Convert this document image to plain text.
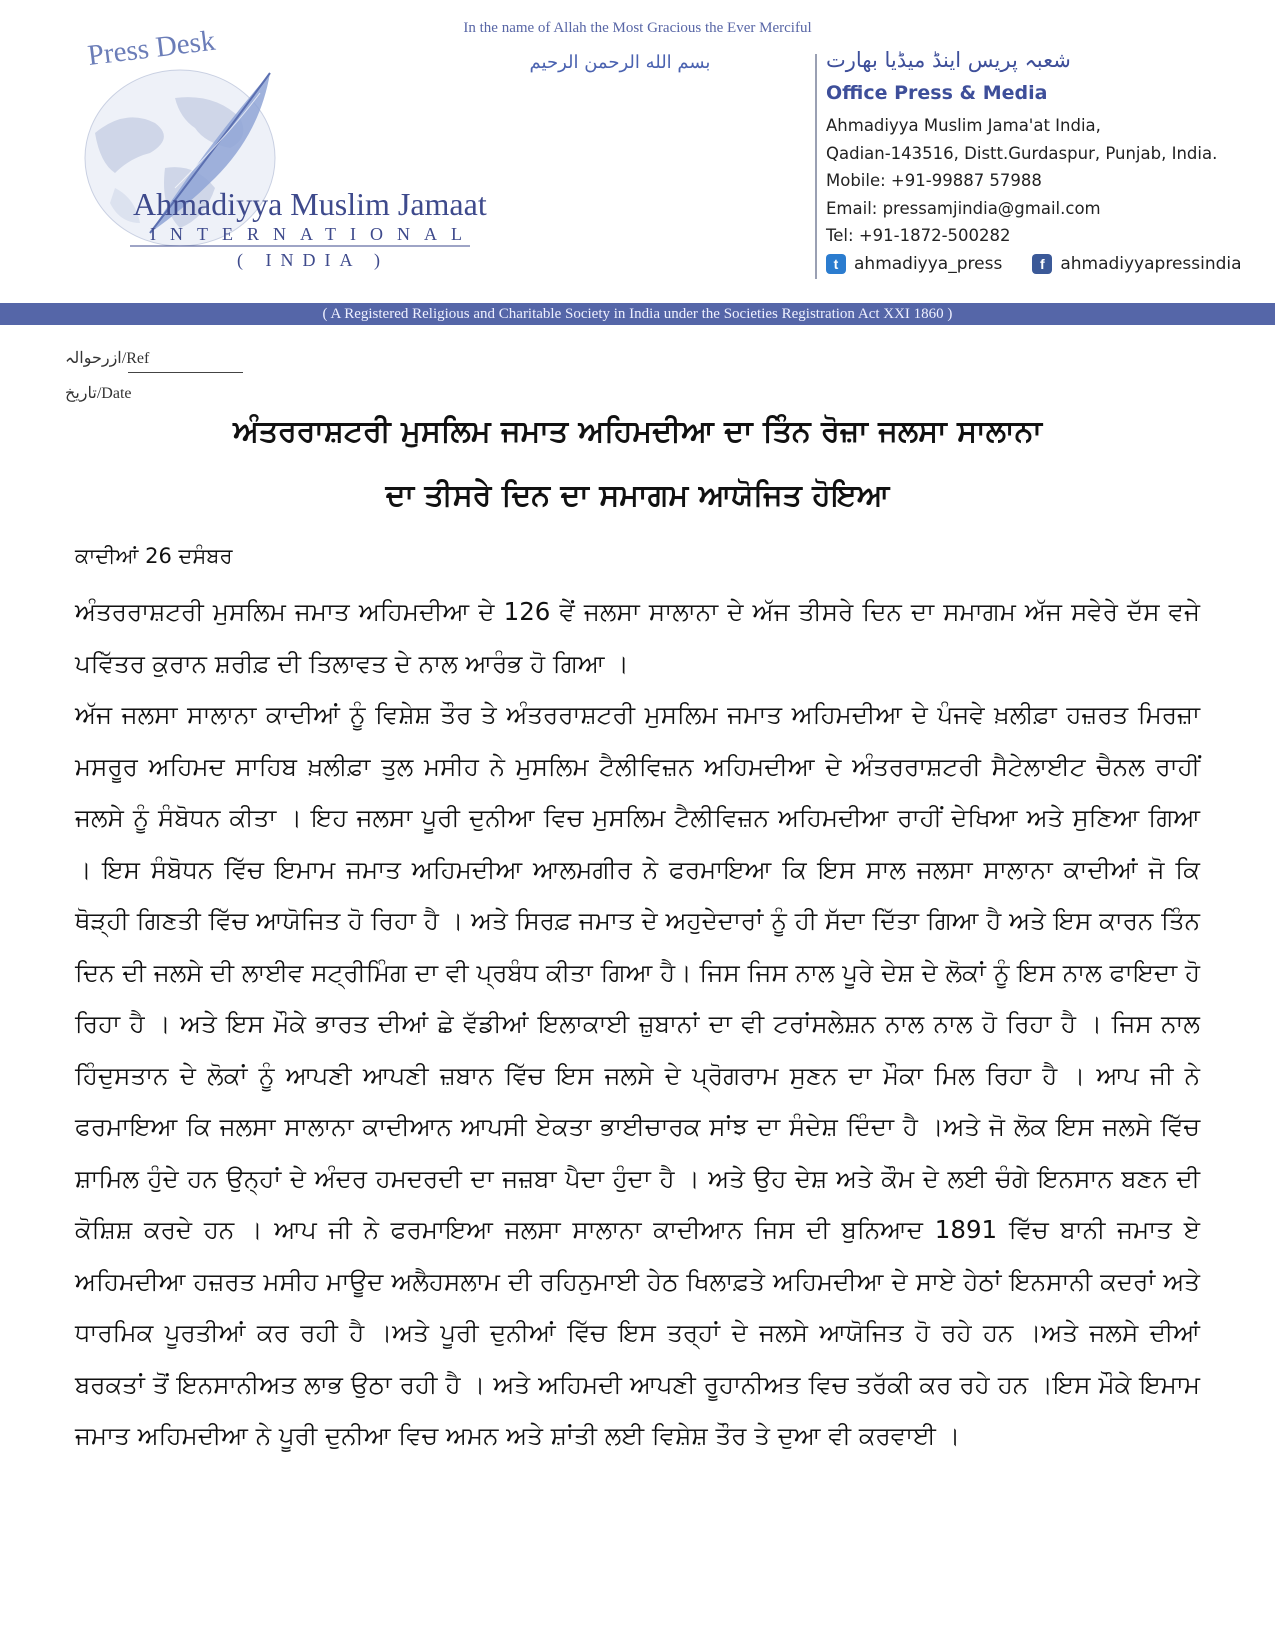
In the name of Allah the Most Gracious the Ever Merciful
بسم الله الرحمن الرحیم
Press Desk
Ahmadiyya Muslim Jamaat
INTERNATIONAL
( INDIA )
شعبہ پریس اینڈ میڈیا بھارت
Office Press & Media
Ahmadiyya Muslim Jama'at India,
Qadian-143516, Distt.Gurdaspur, Punjab, India.
Mobile: +91-99887 57988
Email: pressamjindia@gmail.com
Tel: +91-1872-500282
t ahmadiyya_press	f ahmadiyyapressindia
( A Registered Religious and Charitable Society in India under the Societies Registration Act XXI 1860 )
ازرحوالہ/Ref
تاریخ/Date
ਅੰਤਰਰਾਸ਼ਟਰੀ ਮੁਸਲਿਮ ਜਮਾਤ ਅਹਿਮਦੀਆ ਦਾ ਤਿੰਨ ਰੋਜ਼ਾ ਜਲਸਾ ਸਾਲਾਨਾ
ਦਾ ਤੀਸਰੇ ਦਿਨ ਦਾ ਸਮਾਗਮ ਆਯੋਜਿਤ ਹੋਇਆ
ਕਾਦੀਆਂ 26 ਦਸੰਬਰ

ਅੰਤਰਰਾਸ਼ਟਰੀ ਮੁਸਲਿਮ ਜਮਾਤ ਅਹਿਮਦੀਆ ਦੇ 126 ਵੇਂ ਜਲਸਾ ਸਾਲਾਨਾ ਦੇ ਅੱਜ ਤੀਸਰੇ ਦਿਨ ਦਾ ਸਮਾਗਮ ਅੱਜ ਸਵੇਰੇ ਦੱਸ ਵਜੇ ਪਵਿੱਤਰ ਕੁਰਾਨ ਸ਼ਰੀਫ਼ ਦੀ ਤਿਲਾਵਤ ਦੇ ਨਾਲ ਆਰੰਭ ਹੋ ਗਿਆ ।

ਅੱਜ ਜਲਸਾ ਸਾਲਾਨਾ ਕਾਦੀਆਂ ਨੂੰ ਵਿਸ਼ੇਸ਼ ਤੌਰ ਤੇ ਅੰਤਰਰਾਸ਼ਟਰੀ ਮੁਸਲਿਮ ਜਮਾਤ ਅਹਿਮਦੀਆ ਦੇ ਪੰਜਵੇ ਖ਼ਲੀਫ਼ਾ ਹਜ਼ਰਤ ਮਿਰਜ਼ਾ ਮਸਰੂਰ ਅਹਿਮਦ ਸਾਹਿਬ ਖ਼ਲੀਫ਼ਾ ਤੁਲ ਮਸੀਹ ਨੇ ਮੁਸਲਿਮ ਟੈਲੀਵਿਜ਼ਨ ਅਹਿਮਦੀਆ ਦੇ ਅੰਤਰਰਾਸ਼ਟਰੀ ਸੈਟੇਲਾਈਟ ਚੈਨਲ ਰਾਹੀਂ ਜਲਸੇ ਨੂੰ ਸੰਬੋਧਨ ਕੀਤਾ । ਇਹ ਜਲਸਾ ਪੂਰੀ ਦੁਨੀਆ ਵਿਚ ਮੁਸਲਿਮ ਟੈਲੀਵਿਜ਼ਨ ਅਹਿਮਦੀਆ ਰਾਹੀਂ ਦੇਖਿਆ ਅਤੇ ਸੁਣਿਆ ਗਿਆ । ਇਸ ਸੰਬੋਧਨ ਵਿੱਚ ਇਮਾਮ ਜਮਾਤ ਅਹਿਮਦੀਆ ਆਲਮਗੀਰ ਨੇ ਫਰਮਾਇਆ ਕਿ ਇਸ ਸਾਲ ਜਲਸਾ ਸਾਲਾਨਾ ਕਾਦੀਆਂ ਜੋ ਕਿ ਥੋੜ੍ਹੀ ਗਿਣਤੀ ਵਿੱਚ ਆਯੋਜਿਤ ਹੋ ਰਿਹਾ ਹੈ । ਅਤੇ ਸਿਰਫ਼ ਜਮਾਤ ਦੇ ਅਹੁਦੇਦਾਰਾਂ ਨੂੰ ਹੀ ਸੱਦਾ ਦਿੱਤਾ ਗਿਆ ਹੈ ਅਤੇ ਇਸ ਕਾਰਨ ਤਿੰਨ ਦਿਨ ਦੀ ਜਲਸੇ ਦੀ ਲਾਈਵ ਸਟ੍ਰੀਮਿੰਗ ਦਾ ਵੀ ਪ੍ਰਬੰਧ ਕੀਤਾ ਗਿਆ ਹੈ। ਜਿਸ ਜਿਸ ਨਾਲ ਪੂਰੇ ਦੇਸ਼ ਦੇ ਲੋਕਾਂ ਨੂੰ ਇਸ ਨਾਲ ਫਾਇਦਾ ਹੋ ਰਿਹਾ ਹੈ । ਅਤੇ ਇਸ ਮੌਕੇ ਭਾਰਤ ਦੀਆਂ ਛੇ ਵੱਡੀਆਂ ਇਲਾਕਾਈ ਜ਼ੁਬਾਨਾਂ ਦਾ ਵੀ ਟਰਾਂਸਲੇਸ਼ਨ ਨਾਲ ਨਾਲ ਹੋ ਰਿਹਾ ਹੈ । ਜਿਸ ਨਾਲ ਹਿੰਦੁਸਤਾਨ ਦੇ ਲੋਕਾਂ ਨੂੰ ਆਪਣੀ ਆਪਣੀ ਜ਼ਬਾਨ ਵਿੱਚ ਇਸ ਜਲਸੇ ਦੇ ਪ੍ਰੋਗਰਾਮ ਸੁਣਨ ਦਾ ਮੌਕਾ ਮਿਲ ਰਿਹਾ ਹੈ । ਆਪ ਜੀ ਨੇ ਫਰਮਾਇਆ ਕਿ ਜਲਸਾ ਸਾਲਾਨਾ ਕਾਦੀਆਨ ਆਪਸੀ ਏਕਤਾ ਭਾਈਚਾਰਕ ਸਾਂਝ ਦਾ ਸੰਦੇਸ਼ ਦਿੰਦਾ ਹੈ ।ਅਤੇ ਜੋ ਲੋਕ ਇਸ ਜਲਸੇ ਵਿੱਚ ਸ਼ਾਮਿਲ ਹੁੰਦੇ ਹਨ ਉਨ੍ਹਾਂ ਦੇ ਅੰਦਰ ਹਮਦਰਦੀ ਦਾ ਜਜ਼ਬਾ ਪੈਦਾ ਹੁੰਦਾ ਹੈ । ਅਤੇ ਉਹ ਦੇਸ਼ ਅਤੇ ਕੌਮ ਦੇ ਲਈ ਚੰਗੇ ਇਨਸਾਨ ਬਣਨ ਦੀ ਕੋਸ਼ਿਸ਼ ਕਰਦੇ ਹਨ । ਆਪ ਜੀ ਨੇ ਫਰਮਾਇਆ ਜਲਸਾ ਸਾਲਾਨਾ ਕਾਦੀਆਨ ਜਿਸ ਦੀ ਬੁਨਿਆਦ 1891 ਵਿੱਚ ਬਾਨੀ ਜਮਾਤ ਏ ਅਹਿਮਦੀਆ ਹਜ਼ਰਤ ਮਸੀਹ ਮਾਊਦ ਅਲੈਹਸਲਾਮ ਦੀ ਰਹਿਨੁਮਾਈ ਹੇਠ ਖਿਲਾਫ਼ਤੇ ਅਹਿਮਦੀਆ ਦੇ ਸਾਏ ਹੇਠਾਂ ਇਨਸਾਨੀ ਕਦਰਾਂ ਅਤੇ ਧਾਰਮਿਕ ਪੂਰਤੀਆਂ ਕਰ ਰਹੀ ਹੈ ।ਅਤੇ ਪੂਰੀ ਦੁਨੀਆਂ ਵਿੱਚ ਇਸ ਤਰ੍ਹਾਂ ਦੇ ਜਲਸੇ ਆਯੋਜਿਤ ਹੋ ਰਹੇ ਹਨ ।ਅਤੇ ਜਲਸੇ ਦੀਆਂ ਬਰਕਤਾਂ ਤੋਂ ਇਨਸਾਨੀਅਤ ਲਾਭ ਉਠਾ ਰਹੀ ਹੈ । ਅਤੇ ਅਹਿਮਦੀ ਆਪਣੀ ਰੂਹਾਨੀਅਤ ਵਿਚ ਤਰੱਕੀ ਕਰ ਰਹੇ ਹਨ ।ਇਸ ਮੌਕੇ ਇਮਾਮ ਜਮਾਤ ਅਹਿਮਦੀਆ ਨੇ ਪੂਰੀ ਦੁਨੀਆ ਵਿਚ ਅਮਨ ਅਤੇ ਸ਼ਾਂਤੀ ਲਈ ਵਿਸ਼ੇਸ਼ ਤੌਰ ਤੇ ਦੁਆ ਵੀ ਕਰਵਾਈ ।
